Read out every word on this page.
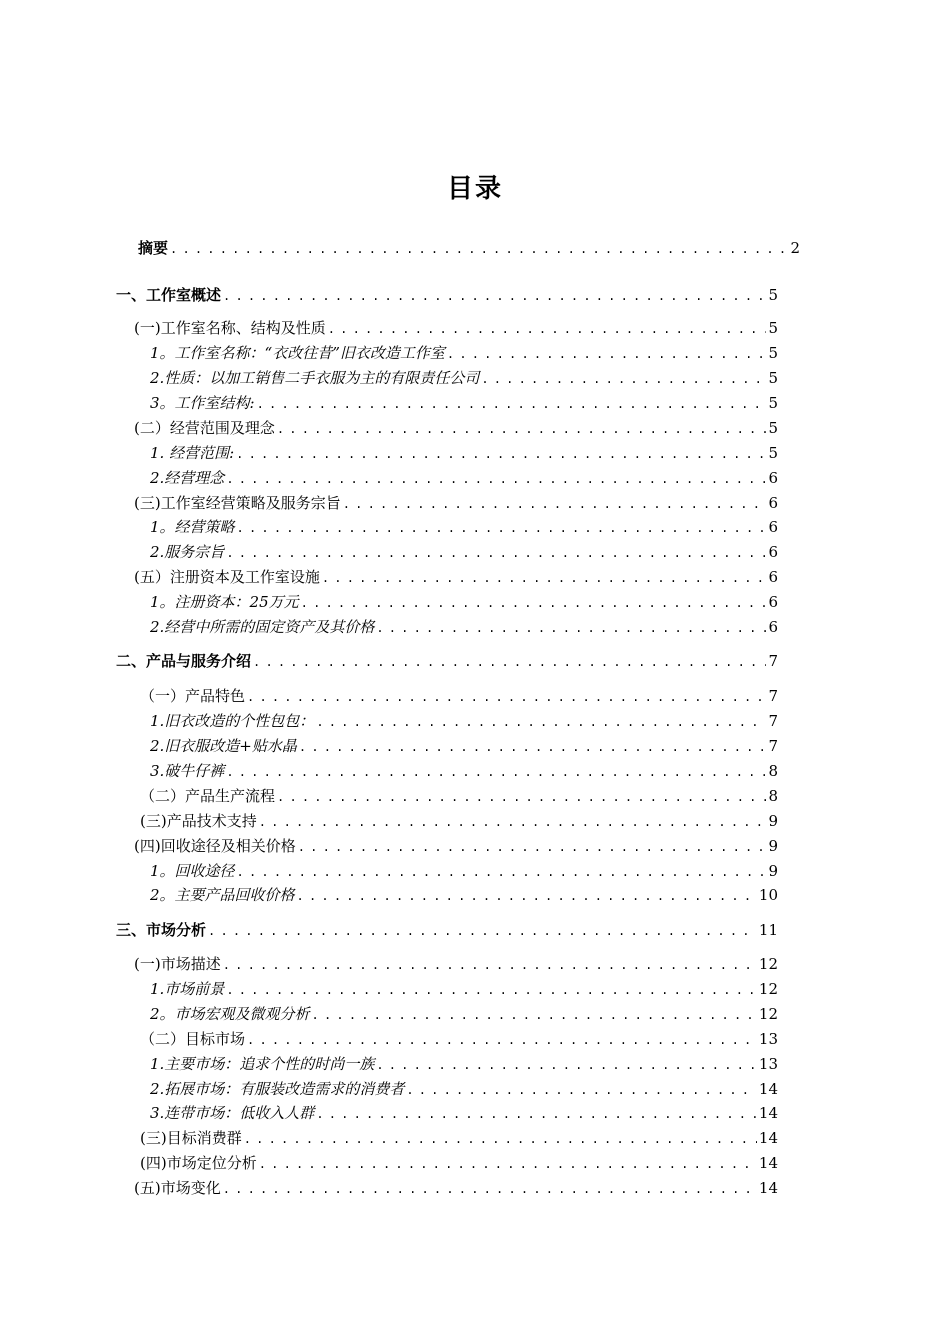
目录
摘要 .....	2
一、工作室概述 .....	5
(一)工作室名称、结构及性质 .....	5
1。工作室名称：“衣改往昔”旧衣改造工作室 .....	5
2.性质：以加工销售二手衣服为主的有限责任公司 .....	5
3。工作室结构: .....	5
(二）经营范围及理念 .....	5
1. 经营范围: .....	5
2.经营理念 .....	6
(三)工作室经营策略及服务宗旨 .....	6
1。经营策略 .....	6
2.服务宗旨 .....	6
(五）注册资本及工作室设施 .....	6
1。注册资本：25万元 .....	6
2.经营中所需的固定资产及其价格 .....	6
二、产品与服务介绍 .....	7
（一）产品特色 .....	7
1.旧衣改造的个性包包： .....	7
2.旧衣服改造+贴水晶 .....	7
3.破牛仔裤 .....	8
（二）产品生产流程 .....	8
(三)产品技术支持 .....	9
(四)回收途径及相关价格 .....	9
1。回收途径 .....	9
2。主要产品回收价格 .....	10
三、市场分析 .....	11
(一)市场描述 .....	12
1.市场前景 .....	12
2。市场宏观及微观分析 .....	12
（二）目标市场 .....	13
1.主要市场：追求个性的时尚一族 .....	13
2.拓展市场：有服装改造需求的消费者 .....	14
3.连带市场：低收入人群 .....	14
(三)目标消费群 .....	14
(四)市场定位分析 .....	14
(五)市场变化 .....	14
